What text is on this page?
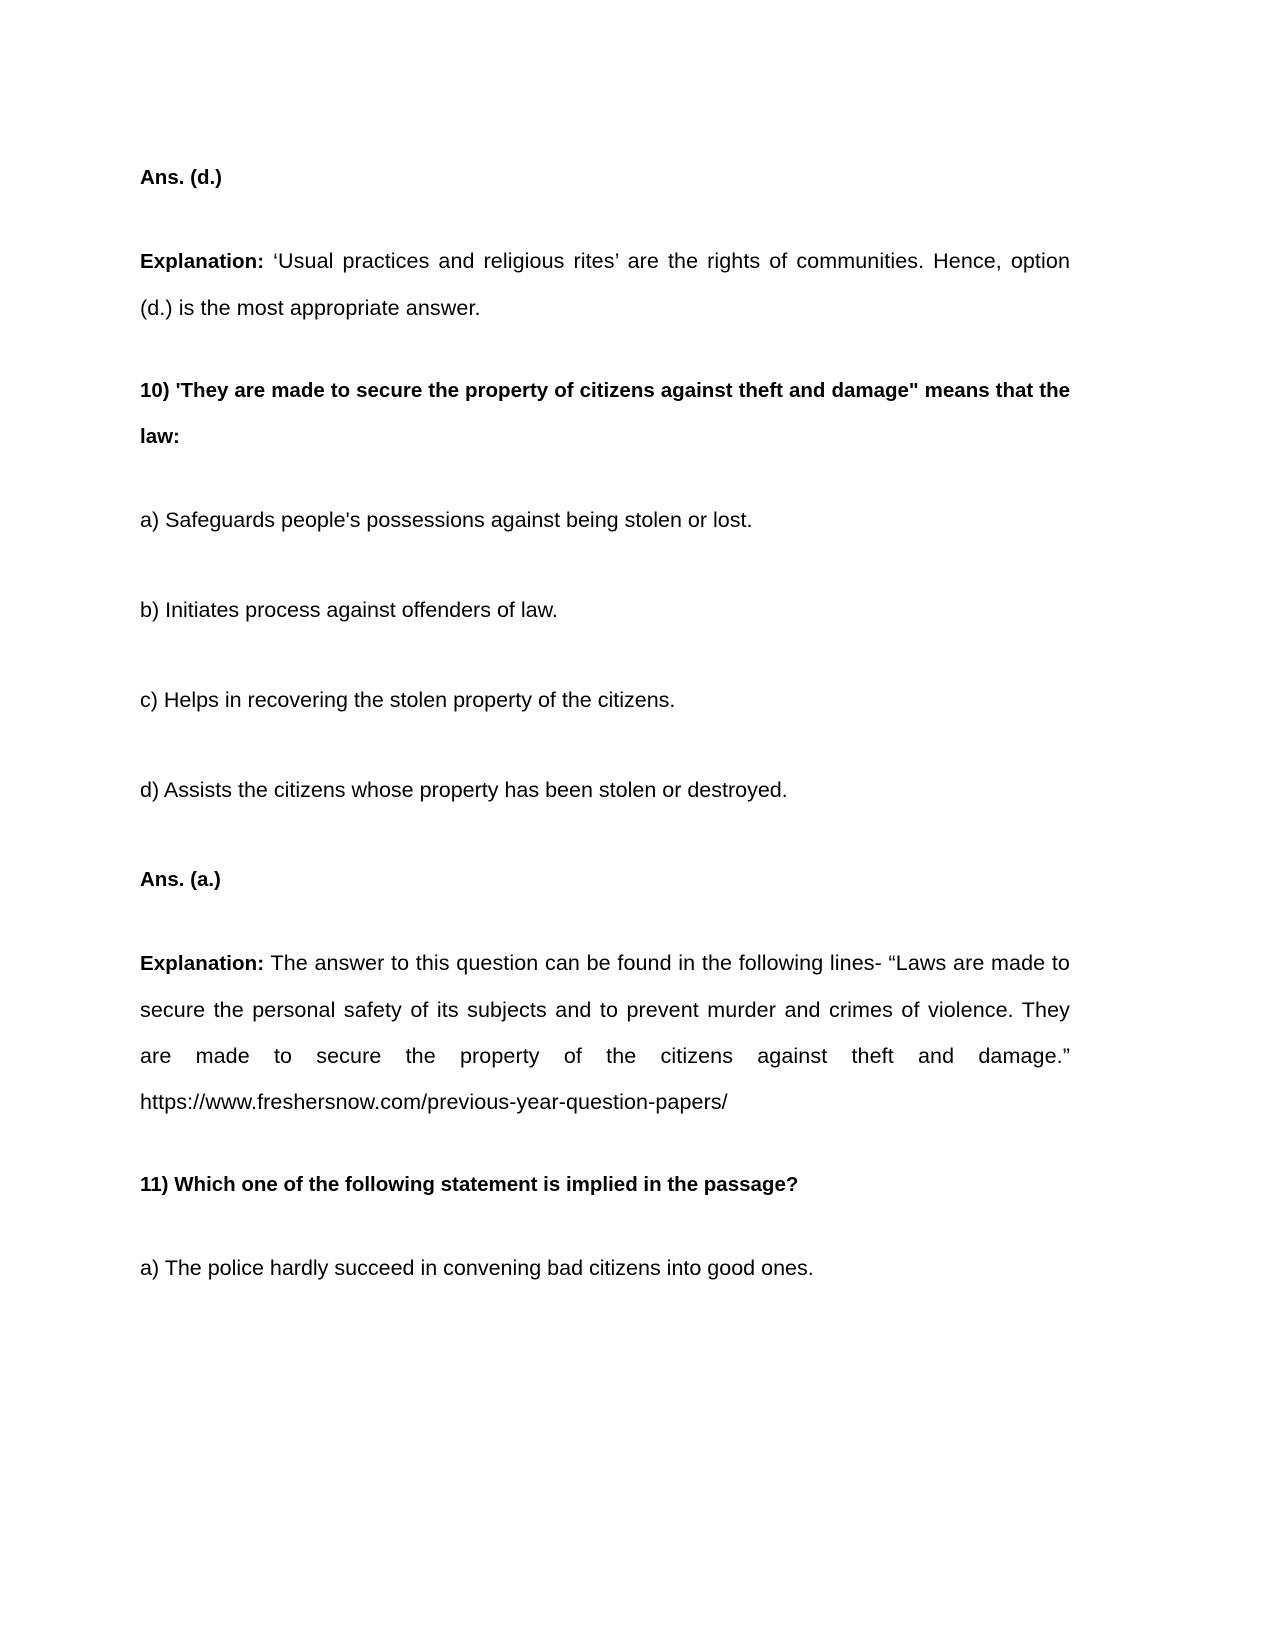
Ans. (d.)

Explanation: ‘Usual practices and religious rites’ are the rights of communities. Hence, option (d.) is the most appropriate answer.

10) 'They are made to secure the property of citizens against theft and damage" means that the law:

a) Safeguards people's possessions against being stolen or lost.

b) Initiates process against offenders of law.

c) Helps in recovering the stolen property of the citizens.

d) Assists the citizens whose property has been stolen or destroyed.

Ans. (a.)

Explanation: The answer to this question can be found in the following lines- “Laws are made to secure the personal safety of its subjects and to prevent murder and crimes of violence. They are made to secure the property of the citizens against theft and damage.” https://www.freshersnow.com/previous-year-question-papers/

11) Which one of the following statement is implied in the passage?

a) The police hardly succeed in convening bad citizens into good ones.
